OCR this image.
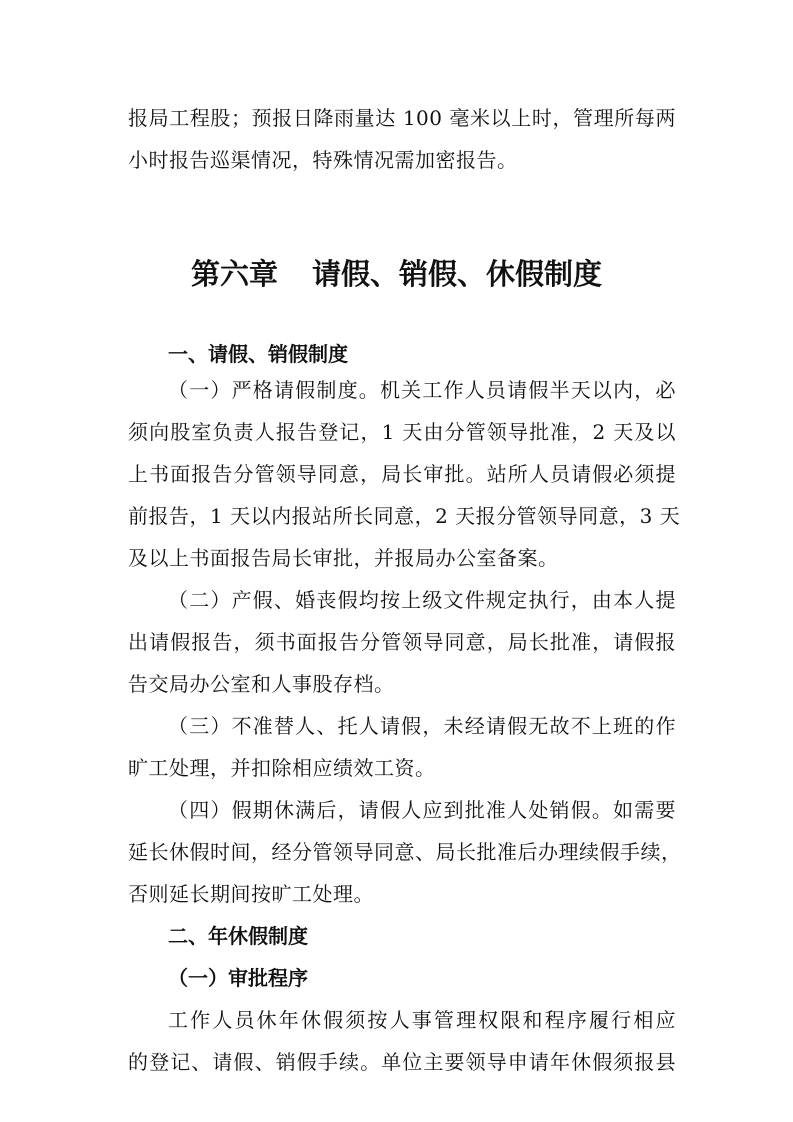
报局工程股；预报日降雨量达 100 毫米以上时，管理所每两
小时报告巡渠情况，特殊情况需加密报告。
第六章 请假、销假、休假制度
一、请假、销假制度
（一）严格请假制度。机关工作人员请假半天以内，必
须向股室负责人报告登记，1 天由分管领导批准，2 天及以
上书面报告分管领导同意，局长审批。站所人员请假必须提
前报告，1 天以内报站所长同意，2 天报分管领导同意，3 天
及以上书面报告局长审批，并报局办公室备案。
（二）产假、婚丧假均按上级文件规定执行，由本人提
出请假报告，须书面报告分管领导同意，局长批准，请假报
告交局办公室和人事股存档。
（三）不准替人、托人请假，未经请假无故不上班的作
旷工处理，并扣除相应绩效工资。
（四）假期休满后，请假人应到批准人处销假。如需要
延长休假时间，经分管领导同意、局长批准后办理续假手续，
否则延长期间按旷工处理。
二、年休假制度
（一）审批程序
工作人员休年休假须按人事管理权限和程序履行相应
的登记、请假、销假手续。单位主要领导申请年休假须报县
